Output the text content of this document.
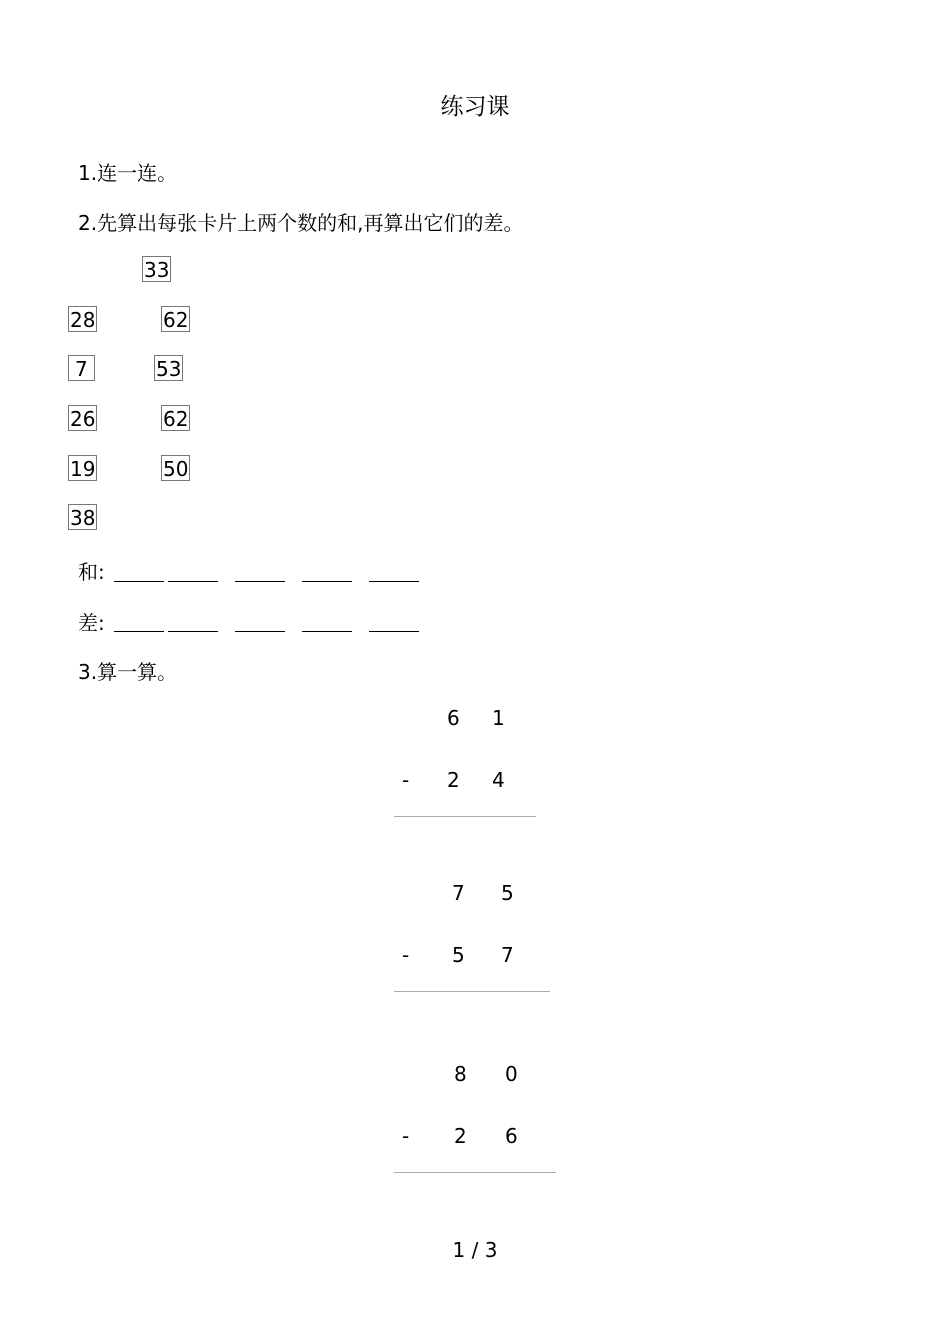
练习课
1.连一连。
2.先算出每张卡片上两个数的和,再算出它们的差。
33
28	62
7	53
26	62
19	50
38
和:
差:
3.算一算。
6 1
- 2 4
7 5
- 5 7
8 0
- 2 6
1 / 3
